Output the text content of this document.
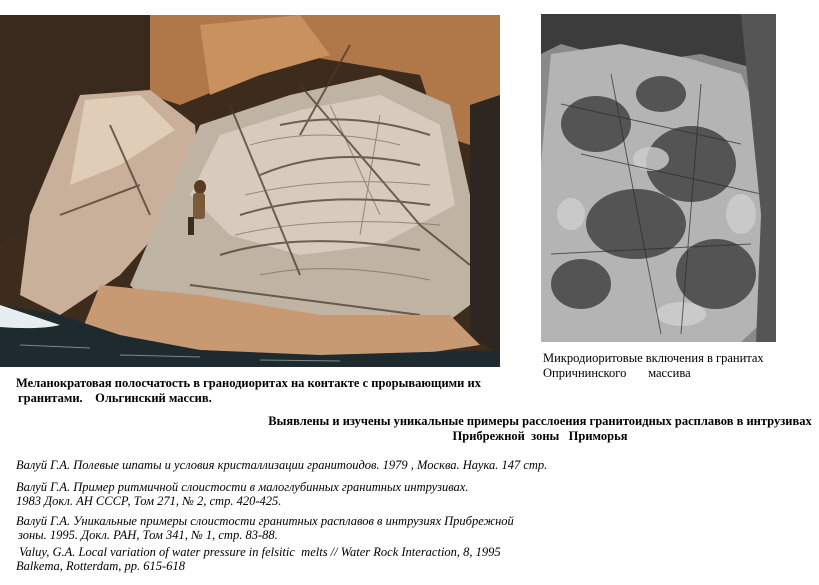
Микродиоритовые включения в гранитах
Опричнинского       массива
Меланократовая полосчатость в гранодиоритах на контакте с прорывающими их
гранитами.    Ольгинский массив.
Выявлены и изучены уникальные примеры расслоения гранитоидных расплавов в интрузивах
Прибрежной  зоны   Приморья
Валуй Г.А. Полевые шпаты и условия кристаллизации гранитоидов. 1979 , Москва. Наука. 147 стр.
Валуй Г.А. Пример ритмичной слоистости в малоглубинных гранитных интрузивах.
1983 Докл. АН СССР, Том 271, № 2, стр. 420-425.
Валуй Г.А. Уникальные примеры слоистости гранитных расплавов в интрузиях Прибрежной
зоны. 1995. Докл. РАН, Том 341, № 1, стр. 83-88.
Valuy, G.A. Local variation of water pressure in felsitic  melts // Water Rock Interaction, 8, 1995
Balkema, Rotterdam, pp. 615-618
